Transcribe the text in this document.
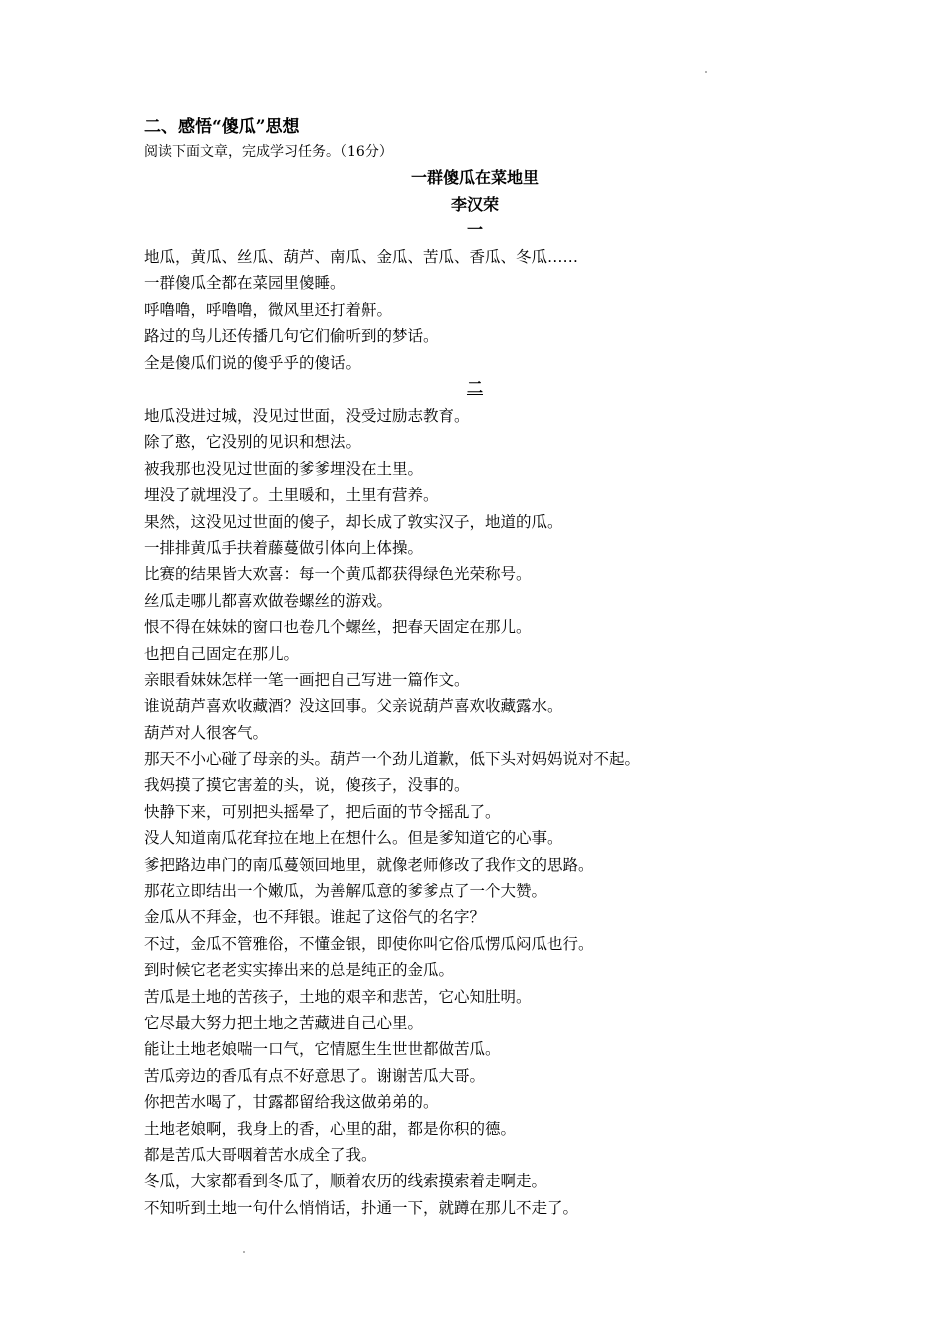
二、感悟“傻瓜”思想
阅读下面文章，完成学习任务。（16分）
一群傻瓜在菜地里
李汉荣
一
地瓜，黄瓜、丝瓜、葫芦、南瓜、金瓜、苦瓜、香瓜、冬瓜……
一群傻瓜全都在菜园里傻睡。
呼噜噜，呼噜噜，微风里还打着鼾。
路过的鸟儿还传播几句它们偷听到的梦话。
全是傻瓜们说的傻乎乎的傻话。
二
地瓜没进过城，没见过世面，没受过励志教育。
除了憨，它没别的见识和想法。
被我那也没见过世面的爹爹埋没在土里。
埋没了就埋没了。土里暖和，土里有营养。
果然，这没见过世面的傻子，却长成了敦实汉子，地道的瓜。
一排排黄瓜手扶着藤蔓做引体向上体操。
比赛的结果皆大欢喜：每一个黄瓜都获得绿色光荣称号。
丝瓜走哪儿都喜欢做卷螺丝的游戏。
恨不得在妹妹的窗口也卷几个螺丝，把春天固定在那儿。
也把自己固定在那儿。
亲眼看妹妹怎样一笔一画把自己写进一篇作文。
谁说葫芦喜欢收藏酒？没这回事。父亲说葫芦喜欢收藏露水。
葫芦对人很客气。
那天不小心碰了母亲的头。葫芦一个劲儿道歉，低下头对妈妈说对不起。
我妈摸了摸它害羞的头，说，傻孩子，没事的。
快静下来，可别把头摇晕了，把后面的节令摇乱了。
没人知道南瓜花耷拉在地上在想什么。但是爹知道它的心事。
爹把路边串门的南瓜蔓领回地里，就像老师修改了我作文的思路。
那花立即结出一个嫩瓜，为善解瓜意的爹爹点了一个大赞。
金瓜从不拜金，也不拜银。谁起了这俗气的名字？
不过，金瓜不管雅俗，不懂金银，即使你叫它俗瓜愣瓜闷瓜也行。
到时候它老老实实捧出来的总是纯正的金瓜。
苦瓜是土地的苦孩子，土地的艰辛和悲苦，它心知肚明。
它尽最大努力把土地之苦藏进自己心里。
能让土地老娘喘一口气，它情愿生生世世都做苦瓜。
苦瓜旁边的香瓜有点不好意思了。谢谢苦瓜大哥。
你把苦水喝了，甘露都留给我这做弟弟的。
土地老娘啊，我身上的香，心里的甜，都是你积的德。
都是苦瓜大哥咽着苦水成全了我。
冬瓜，大家都看到冬瓜了，顺着农历的线索摸索着走啊走。
不知听到土地一句什么悄悄话，扑通一下，就蹲在那儿不走了。
